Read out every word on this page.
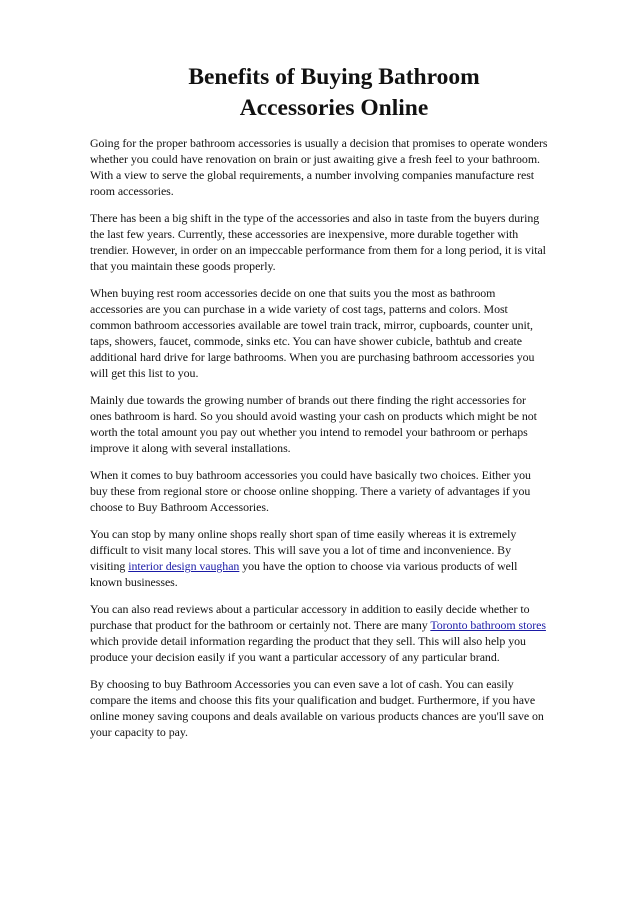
Benefits of Buying Bathroom
Accessories Online

Going for the proper bathroom accessories is usually a decision that promises to operate wonders
whether you could have renovation on brain or just awaiting give a fresh feel to your bathroom.
With a view to serve the global requirements, a number involving companies manufacture rest
room accessories.

There has been a big shift in the type of the accessories and also in taste from the buyers during
the last few years. Currently, these accessories are inexpensive, more durable together with
trendier. However, in order on an impeccable performance from them for a long period, it is vital
that you maintain these goods properly.

When buying rest room accessories decide on one that suits you the most as bathroom
accessories are you can purchase in a wide variety of cost tags, patterns and colors. Most
common bathroom accessories available are towel train track, mirror, cupboards, counter unit,
taps, showers, faucet, commode, sinks etc. You can have shower cubicle, bathtub and create
additional hard drive for large bathrooms. When you are purchasing bathroom accessories you
will get this list to you.

Mainly due towards the growing number of brands out there finding the right accessories for
ones bathroom is hard. So you should avoid wasting your cash on products which might be not
worth the total amount you pay out whether you intend to remodel your bathroom or perhaps
improve it along with several installations.

When it comes to buy bathroom accessories you could have basically two choices. Either you
buy these from regional store or choose online shopping. There a variety of advantages if you
choose to Buy Bathroom Accessories.

You can stop by many online shops really short span of time easily whereas it is extremely
difficult to visit many local stores. This will save you a lot of time and inconvenience. By
visiting interior design vaughan you have the option to choose via various products of well
known businesses.

You can also read reviews about a particular accessory in addition to easily decide whether to
purchase that product for the bathroom or certainly not. There are many Toronto bathroom stores
which provide detail information regarding the product that they sell. This will also help you
produce your decision easily if you want a particular accessory of any particular brand.

By choosing to buy Bathroom Accessories you can even save a lot of cash. You can easily
compare the items and choose this fits your qualification and budget. Furthermore, if you have
online money saving coupons and deals available on various products chances are you'll save on
your capacity to pay.
